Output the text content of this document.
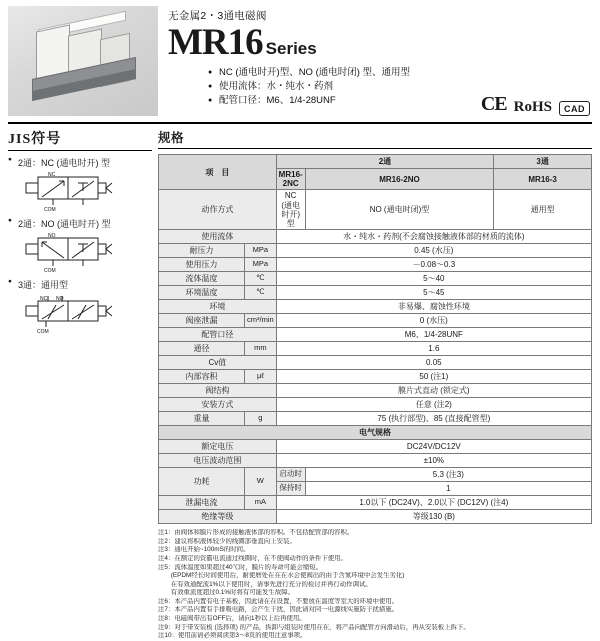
无金属2・3通电磁阀
MR16 Series
● NC (通电时开)型、NO (通电时闭) 型、通用型
● 使用流体：水・纯水・药剂
● 配管口径：M6、1/4-28UNF	CE RoHS	CAD
JIS符号
● 2通：NC (通电时开) 型
NC
COM
● 2通：NO (通电时开) 型
NO
COM
● 3通：通用型
NC NO
COM
规格
项　目		2通		3通
		MR16-2NC	MR16-2NO	MR16-3
动作方式		NC (通电时开)型	NO (通电时闭)型	通用型
使用流体		水・纯水・药剂(不会腐蚀接触液体部的材质的流体)		
耐压力	MPa	0.45 (水压)		
使用压力	MPa	－0.08～0.3		
流体温度	℃	5～40		
环境温度	℃	5～45		
环境		非易爆、腐蚀性环境		
阀座泄漏	cm³/min	0 (水压)		
配管口径		M6、1/4-28UNF		
通径	mm	1.6		
Cv值		0.05		
内部容积	μℓ	50 (注1)		
阀结构		膜片式直动 (锁定式)		
安装方式		任意 (注2)		
重量	g	75 (执行部型)、85 (直接配管型)		
电气规格				
额定电压		DC24V/DC12V		
电压波动范围		±10%		
功耗	W	启动时	5.3 (注3)	
		保持时	1	
泄漏电流	mA	1.0以下 (DC24V)、2.0以下 (DC12V) (注4)		
绝缘等级		等级130 (B)		
注1：由阀体和膜片形成的接触液体部的容积。不包括配管部的容积。
注2：建议将积液体较少的线圈部垂直向上安装。
注3：通电开始~100mS的时间。
注4：在额定的资霸电流通过线圈时，在不使阀动作的条件下使用。
注5：流体温度如果超过40℃时，膜片的寿命可能会缩短。
　　(EPDM经长时间使用后，耐使磨处在在在水会使阀出的由于含氮环境中会发生劣化)
　　在有效通配流1%以下使用时，请事先进行充分的检讨并再行动作调试。
　　有效重流度超过0.1%时将有可能发生故障。
注6：本产品内置有电子基板，因此请在在设置，不要放在温度等室大的环境中使用。
注7：本产品内置有手排吸电路，会产生干扰，因此请对同一电源线实施防干扰措施。
注8：电磁阀带出有OFF后，请向1秒以上后再使用。
注9：对于带安装板 (选择项) 的产品，拆卸与组装时使用在在，将产品向配管方向滑动后，再从安装板上拆下。
注10：使用前请必须阅读第3～8页的使用注意事项。
